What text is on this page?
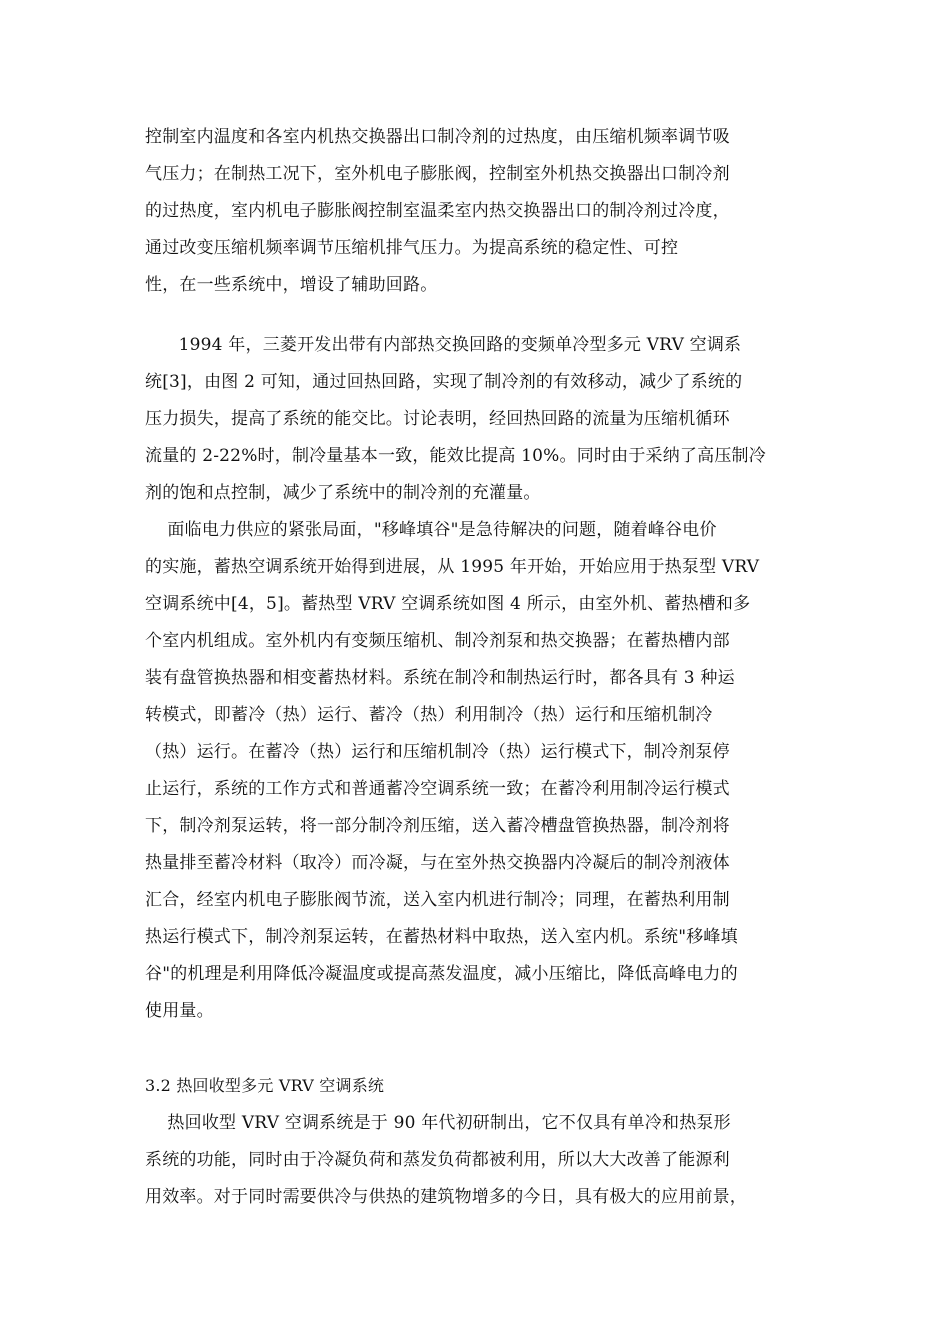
控制室内温度和各室内机热交换器出口制冷剂的过热度，由压缩机频率调节吸
气压力；在制热工况下，室外机电子膨胀阀，控制室外机热交换器出口制冷剂
的过热度，室内机电子膨胀阀控制室温柔室内热交换器出口的制冷剂过冷度，
通过改变压缩机频率调节压缩机排气压力。为提高系统的稳定性、可控
性，在一些系统中，增设了辅助回路。
1994 年，三菱开发出带有内部热交换回路的变频单冷型多元 VRV 空调系
统[3]，由图 2 可知，通过回热回路，实现了制冷剂的有效移动，减少了系统的
压力损失，提高了系统的能交比。讨论表明，经回热回路的流量为压缩机循环
流量的 2-22%时，制冷量基本一致，能效比提高 10%。同时由于采纳了高压制冷
剂的饱和点控制，减少了系统中的制冷剂的充灌量。
面临电力供应的紧张局面，"移峰填谷"是急待解决的问题，随着峰谷电价
的实施，蓄热空调系统开始得到进展，从 1995 年开始，开始应用于热泵型 VRV
空调系统中[4，5]。蓄热型 VRV 空调系统如图 4 所示，由室外机、蓄热槽和多
个室内机组成。室外机内有变频压缩机、制冷剂泵和热交换器；在蓄热槽内部
装有盘管换热器和相变蓄热材料。系统在制冷和制热运行时，都各具有 3 种运
转模式，即蓄冷（热）运行、蓄冷（热）利用制冷（热）运行和压缩机制冷
（热）运行。在蓄冷（热）运行和压缩机制冷（热）运行模式下，制冷剂泵停
止运行，系统的工作方式和普通蓄冷空调系统一致；在蓄冷利用制冷运行模式
下，制冷剂泵运转，将一部分制冷剂压缩，送入蓄冷槽盘管换热器，制冷剂将
热量排至蓄冷材料（取冷）而冷凝，与在室外热交换器内冷凝后的制冷剂液体
汇合，经室内机电子膨胀阀节流，送入室内机进行制冷；同理，在蓄热利用制
热运行模式下，制冷剂泵运转，在蓄热材料中取热，送入室内机。系统"移峰填
谷"的机理是利用降低冷凝温度或提高蒸发温度，减小压缩比，降低高峰电力的
使用量。
3.2 热回收型多元 VRV 空调系统
热回收型 VRV 空调系统是于 90 年代初研制出，它不仅具有单冷和热泵形
系统的功能，同时由于冷凝负荷和蒸发负荷都被利用，所以大大改善了能源利
用效率。对于同时需要供冷与供热的建筑物增多的今日，具有极大的应用前景，
